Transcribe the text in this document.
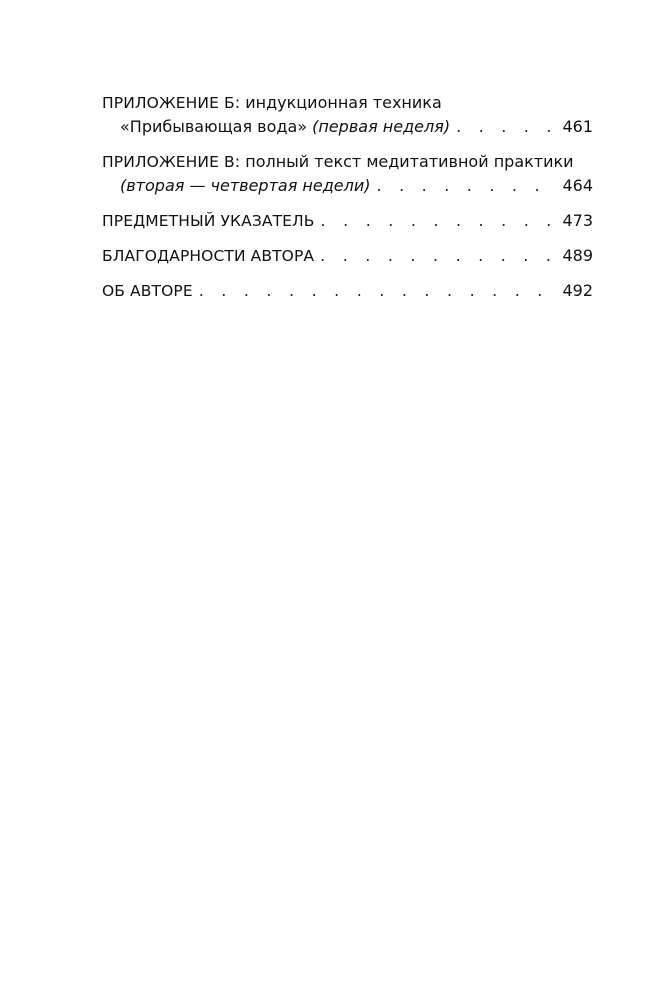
ПРИЛОЖЕНИЕ Б : индукционная техника
«Прибывающая вода» (первая неделя) . . .	461
ПРИЛОЖЕНИЕ В : полный текст медитативной практики
(вторая — четвертая недели) . . .	464
ПРЕДМЕТНЫЙ УКАЗАТЕЛЬ . . .	473
БЛАГОДАРНОСТИ АВТОРА . . .	489
ОБ АВТОРЕ . . .	492
